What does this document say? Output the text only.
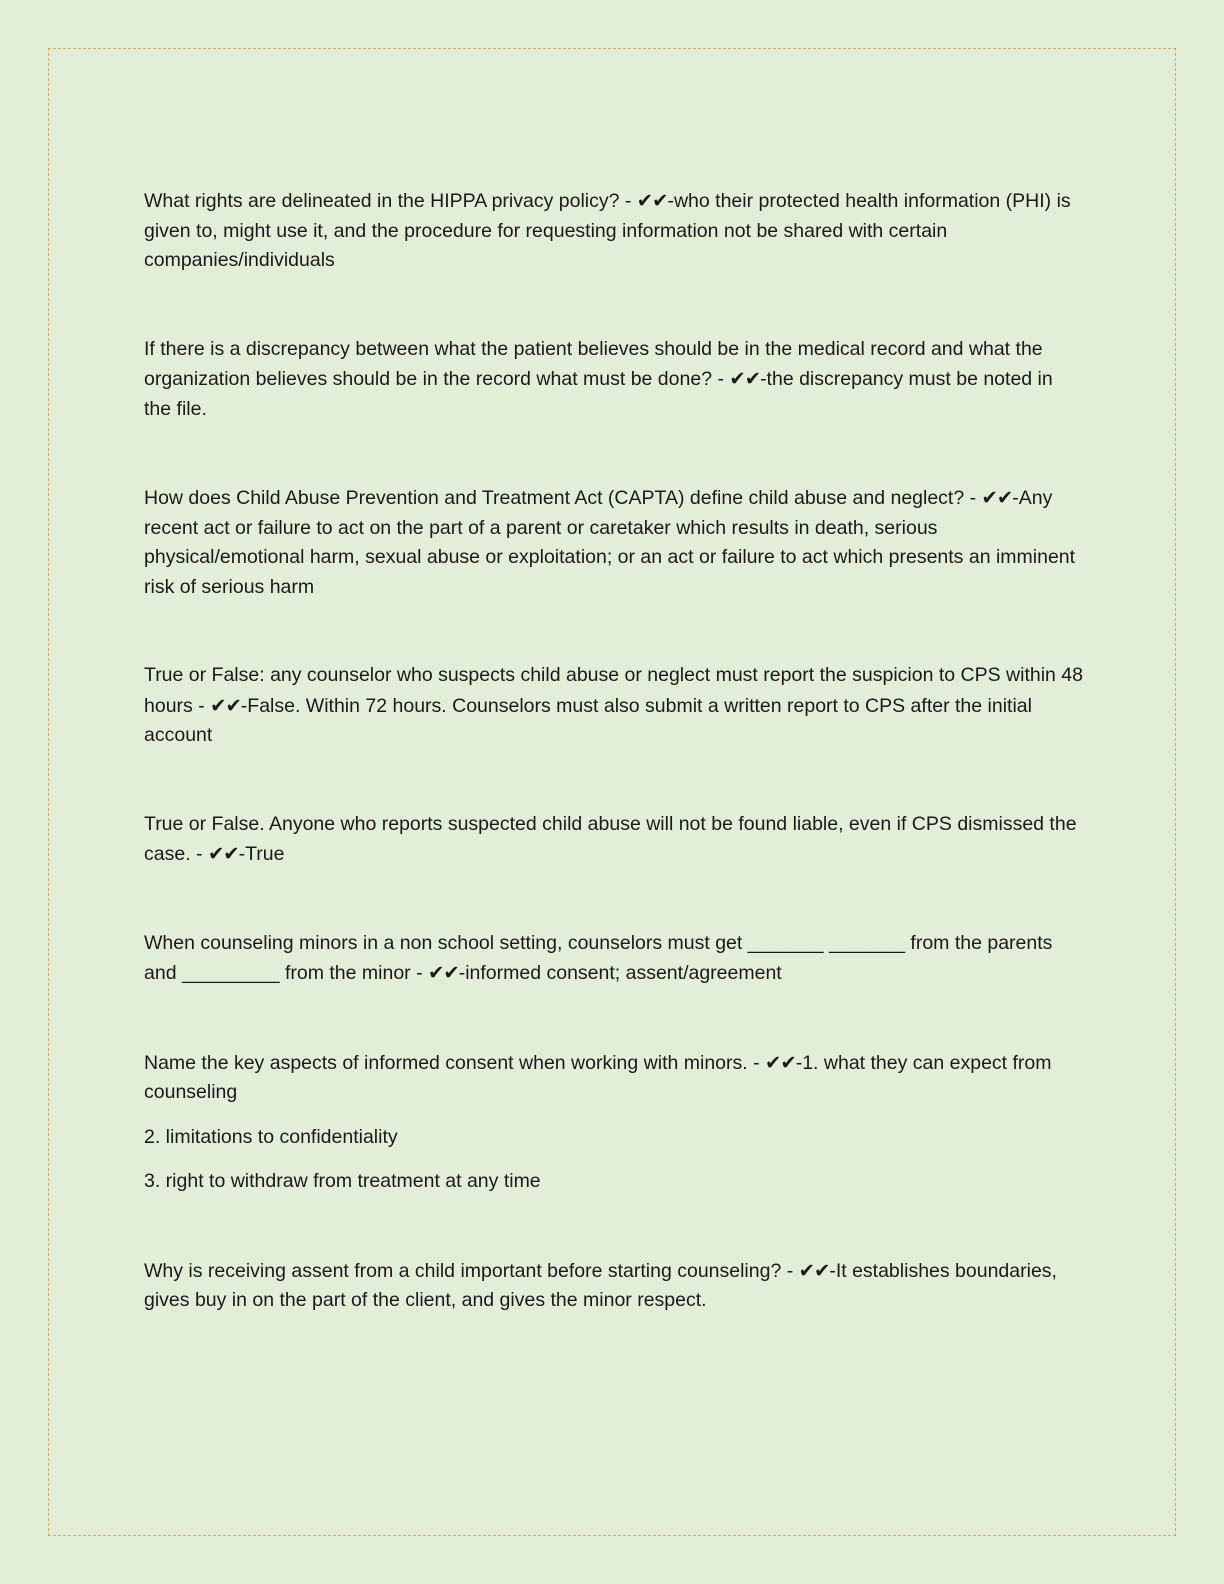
What rights are delineated in the HIPPA privacy policy? - ✔✔-who their protected health information (PHI) is given to, might use it, and the procedure for requesting information not be shared with certain companies/individuals

If there is a discrepancy between what the patient believes should be in the medical record and what the organization believes should be in the record what must be done? - ✔✔-the discrepancy must be noted in the file.

How does Child Abuse Prevention and Treatment Act (CAPTA) define child abuse and neglect? - ✔✔-Any recent act or failure to act on the part of a parent or caretaker which results in death, serious physical/emotional harm, sexual abuse or exploitation; or an act or failure to act which presents an imminent risk of serious harm

True or False: any counselor who suspects child abuse or neglect must report the suspicion to CPS within 48 hours - ✔✔-False. Within 72 hours. Counselors must also submit a written report to CPS after the initial account

True or False. Anyone who reports suspected child abuse will not be found liable, even if CPS dismissed the case. - ✔✔-True

When counseling minors in a non school setting, counselors must get _______ _______ from the parents and _________ from the minor - ✔✔-informed consent; assent/agreement

Name the key aspects of informed consent when working with minors. - ✔✔-1. what they can expect from counseling

2. limitations to confidentiality

3. right to withdraw from treatment at any time

Why is receiving assent from a child important before starting counseling? - ✔✔-It establishes boundaries, gives buy in on the part of the client, and gives the minor respect.
